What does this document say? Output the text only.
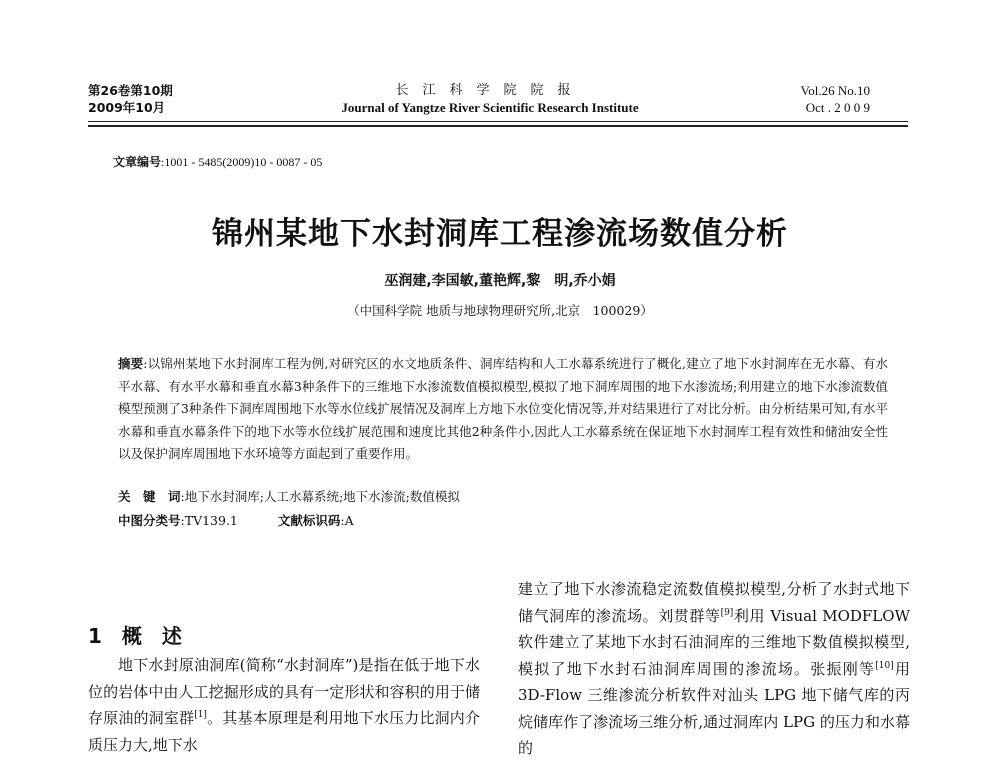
第26卷第10期
2009年10月
长江科学院院报
Journal of Yangtze River Scientific Research Institute
Vol.26 No.10
Oct . 2 0 0 9
文章编号:1001 - 5485(2009)10 - 0087 - 05
锦州某地下水封洞库工程渗流场数值分析
巫润建,李国敏,董艳辉,黎　明,乔小娟
（中国科学院 地质与地球物理研究所,北京　100029）

摘要:以锦州某地下水封洞库工程为例,对研究区的水文地质条件、洞库结构和人工水幕系统进行了概化,建立了地下水封洞库在无水幕、有水平水幕、有水平水幕和垂直水幕3种条件下的三维地下水渗流数值模拟模型,模拟了地下洞库周围的地下水渗流场;利用建立的地下水渗流数值模型预测了3种条件下洞库周围地下水等水位线扩展情况及洞库上方地下水位变化情况等,并对结果进行了对比分析。由分析结果可知,有水平水幕和垂直水幕条件下的地下水等水位线扩展范围和速度比其他2种条件小,因此人工水幕系统在保证地下水封洞库工程有效性和储油安全性以及保护洞库周围地下水环境等方面起到了重要作用。

关　键　词:地下水封洞库;人工水幕系统;地下水渗流;数值模拟

中图分类号:TV139.1	文献标识码:A

1 概　述

地下水封原油洞库(简称“水封洞库”)是指在低于地下水位的岩体中由人工挖掘形成的具有一定形状和容积的用于储存原油的洞室群[1]。其基本原理是利用地下水压力比洞内介质压力大,地下水

建立了地下水渗流稳定流数值模拟模型,分析了水封式地下储气洞库的渗流场。刘贯群等[9]利用 Visual MODFLOW 软件建立了某地下水封石油洞库的三维地下数值模拟模型,模拟了地下水封石油洞库周围的渗流场。张振刚等[10]用 3D-Flow 三维渗流分析软件对汕头 LPG 地下储气库的丙烷储库作了渗流场三维分析,通过洞库内 LPG 的压力和水幕的
